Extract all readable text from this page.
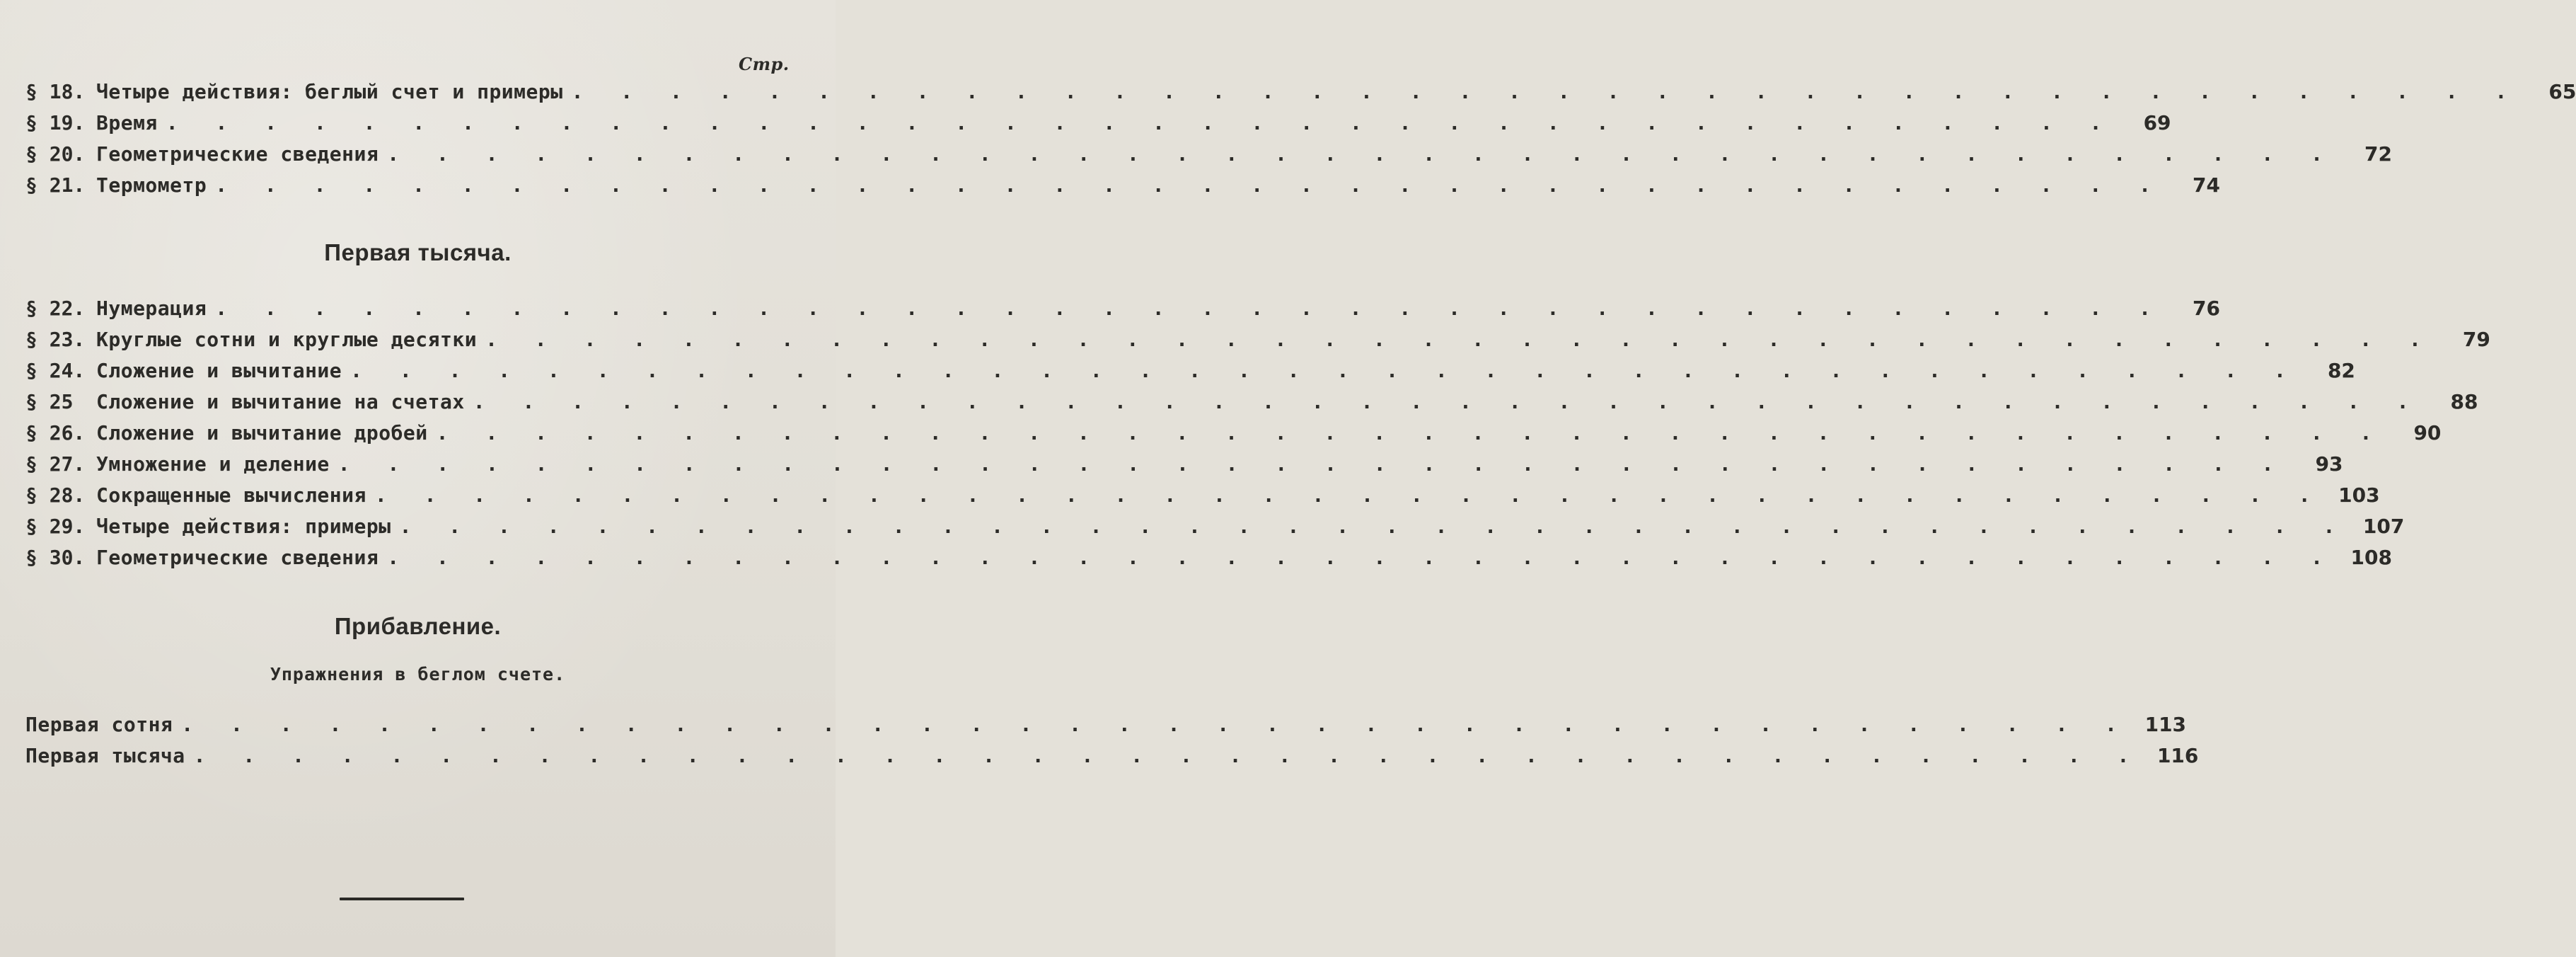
Стр.
§ 18. Четыре действия: беглый счет и примеры . . . . . . . . . . . . . . . . . . . . . . . . . . . . . . . . . . . . . . . .	65
§ 19. Время . . . . . . . . . . . . . . . . . . . . . . . . . . . . . . . . . . . . . . . .	69
§ 20. Геометрические сведения . . . . . . . . . . . . . . . . . . . . . . . . . . . . . . . . . . . . . . . .	72
§ 21. Термометр . . . . . . . . . . . . . . . . . . . . . . . . . . . . . . . . . . . . . . . .	74
Первая тысяча.
§ 22. Нумерация . . . . . . . . . . . . . . . . . . . . . . . . . . . . . . . . . . . . . . . .	76
§ 23. Круглые сотни и круглые десятки . . . . . . . . . . . . . . . . . . . . . . . . . . . . . . . . . . . . . . . .	79
§ 24. Сложение и вычитание . . . . . . . . . . . . . . . . . . . . . . . . . . . . . . . . . . . . . . . .	82
§ 25	Сложение и вычитание на счетах . . . . . . . . . . . . . . . . . . . . . . . . . . . . . . . . . . . . . . . .	88
§ 26. Сложение и вычитание дробей . . . . . . . . . . . . . . . . . . . . . . . . . . . . . . . . . . . . . . . .	90
§ 27. Умножение и деление . . . . . . . . . . . . . . . . . . . . . . . . . . . . . . . . . . . . . . . .	93
§ 28. Сокращенные вычисления . . . . . . . . . . . . . . . . . . . . . . . . . . . . . . . . . . . . . . . . 103
§ 29. Четыре действия: примеры . . . . . . . . . . . . . . . . . . . . . . . . . . . . . . . . . . . . . . . . 107
§ 30. Геометрические сведения . . . . . . . . . . . . . . . . . . . . . . . . . . . . . . . . . . . . . . . . 108
Прибавление.
Упражнения в беглом счете.
Первая сотня . . . . . . . . . . . . . . . . . . . . . . . . . . . . . . . . . . . . . . . . 113
Первая тысяча . . . . . . . . . . . . . . . . . . . . . . . . . . . . . . . . . . . . . . . . 116
